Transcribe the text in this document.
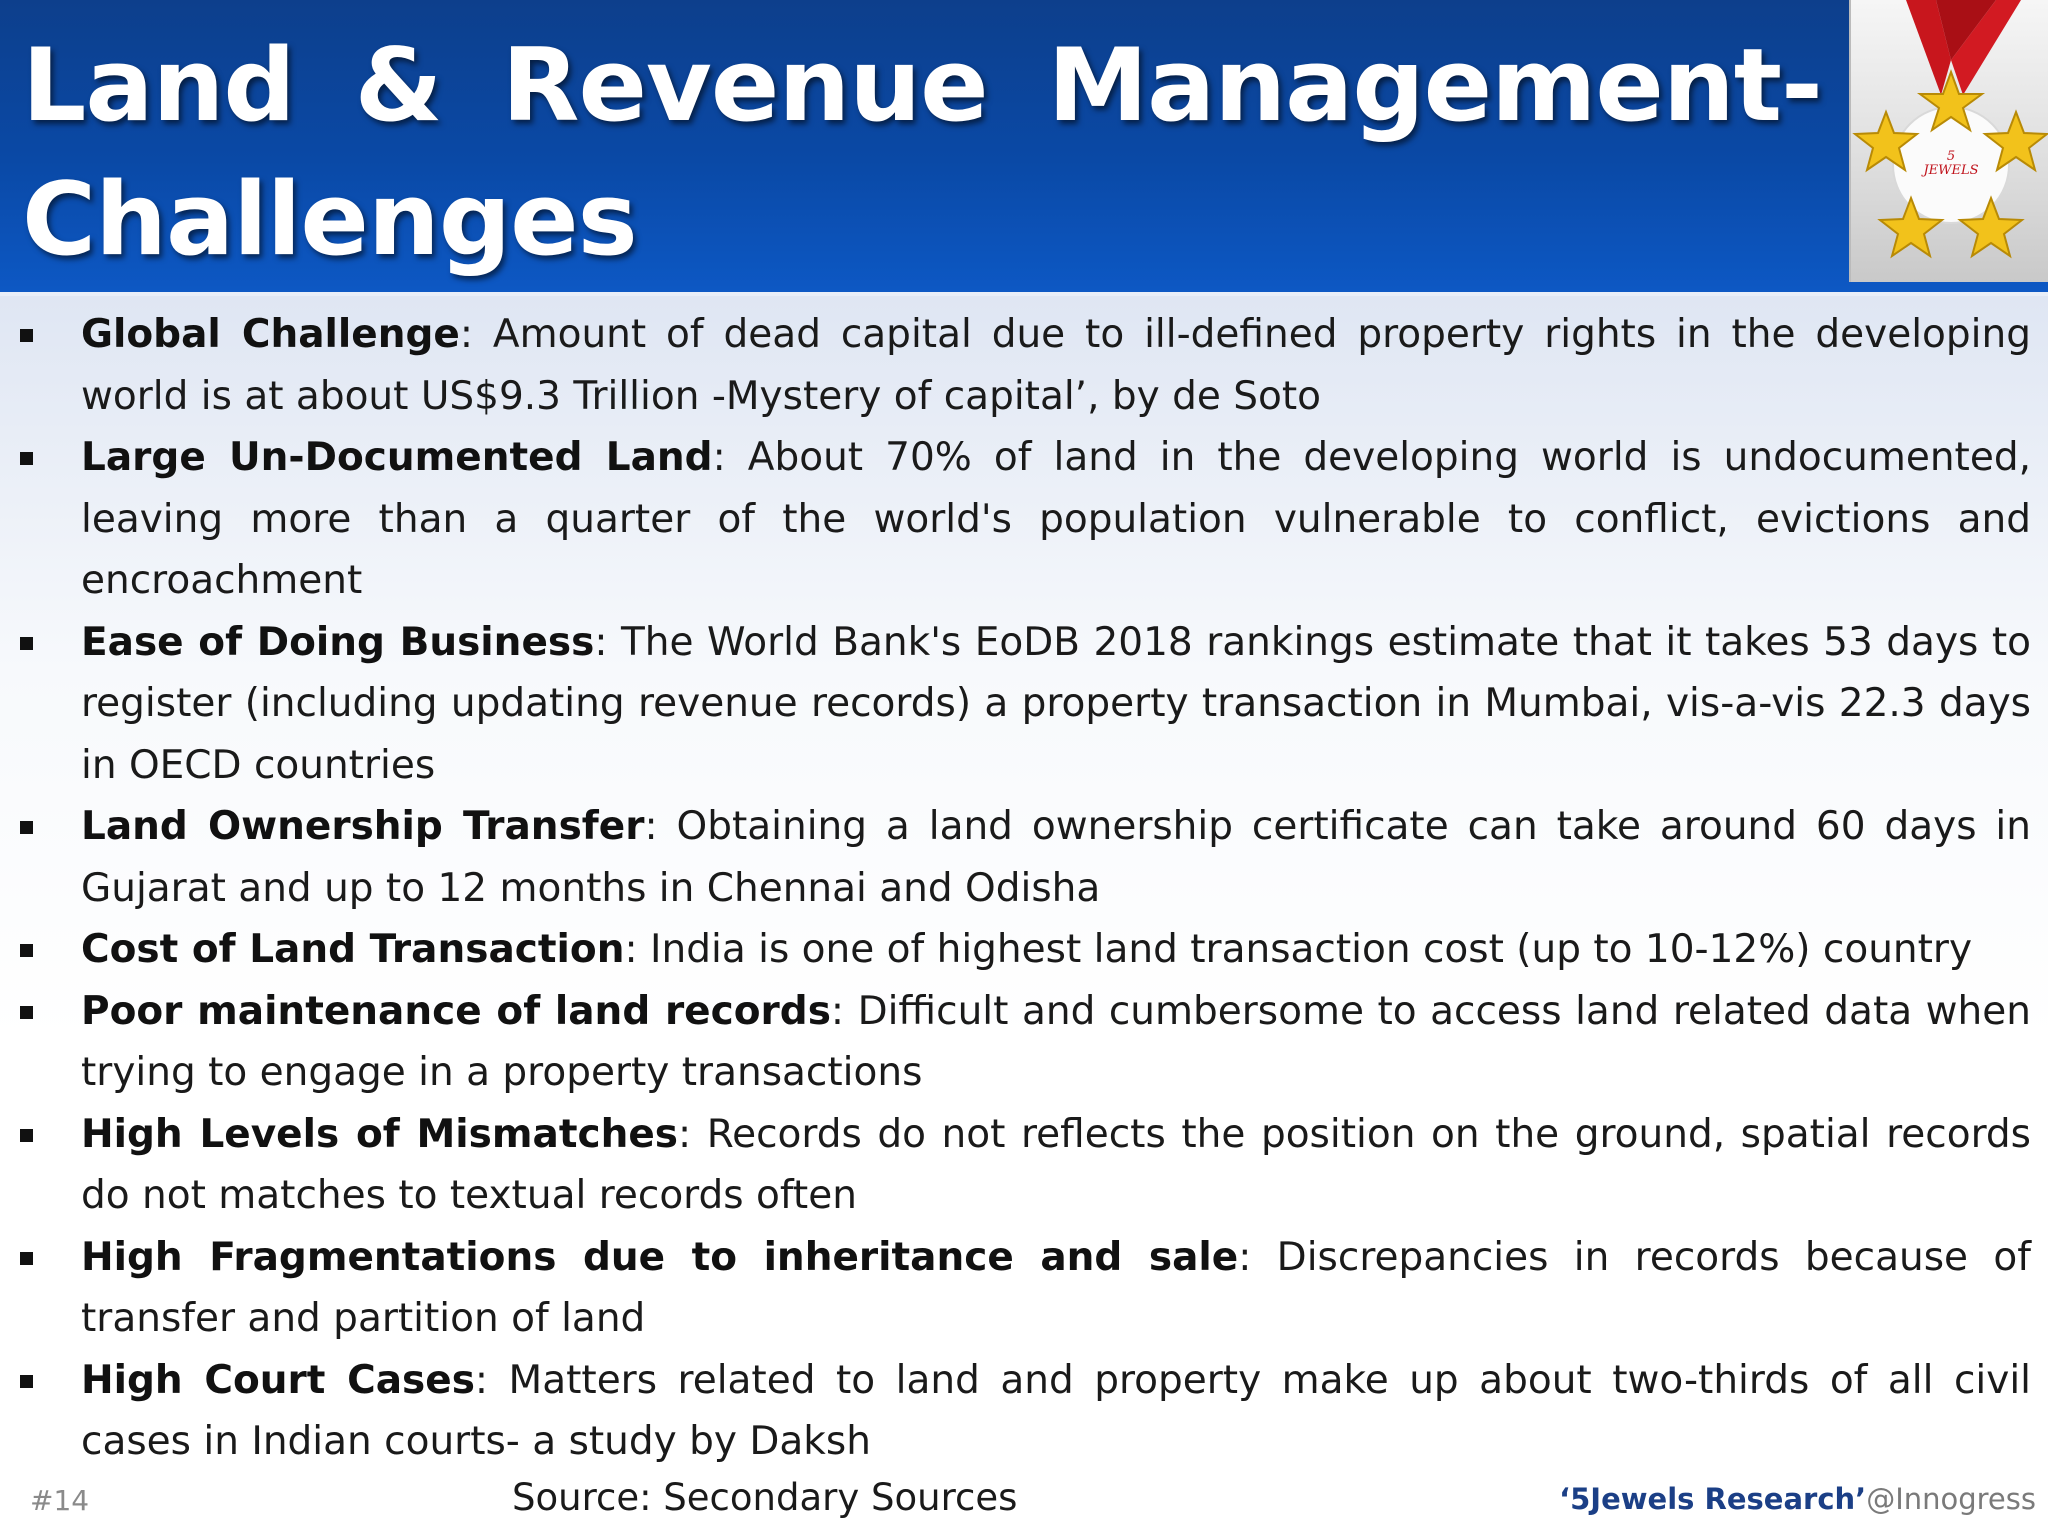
Land & Revenue Management-
Challenges
5
JEWELS
Global Challenge: Amount of dead capital due to ill-defined property rights in the developing world is at about US$9.3 Trillion -Mystery of capital’, by de Soto
Large Un-Documented Land: About 70% of land in the developing world is undocumented, leaving more than a quarter of the world's population vulnerable to conflict, evictions and encroachment
Ease of Doing Business: The World Bank's EoDB 2018 rankings estimate that it takes 53 days to register (including updating revenue records) a property transaction in Mumbai, vis-a-vis 22.3 days in OECD countries
Land Ownership Transfer: Obtaining a land ownership certificate can take around 60 days in Gujarat and up to 12 months in Chennai and Odisha
Cost of Land Transaction: India is one of highest land transaction cost (up to 10-12%) country
Poor maintenance of land records: Difficult and cumbersome to access land related data when trying to engage in a property transactions
High Levels of Mismatches: Records do not reflects the position on the ground, spatial records do not matches to textual records often
High Fragmentations due to inheritance and sale: Discrepancies in records because of transfer and partition of land
High Court Cases: Matters related to land and property make up about two-thirds of all civil cases in Indian courts- a study by Daksh
#14	Source: Secondary Sources	‘5Jewels Research’@Innogress
